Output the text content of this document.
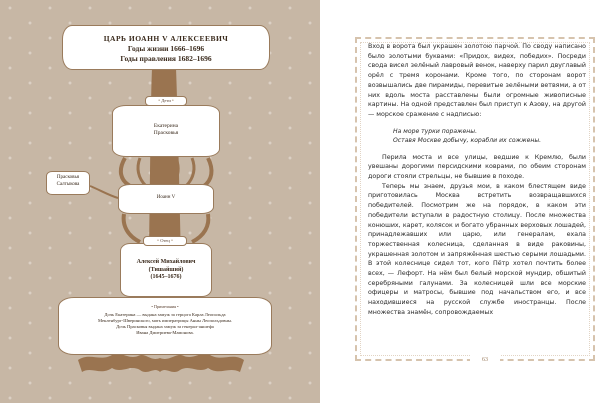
ЦАРЬ ИОАНН V АЛЕКСЕЕВИЧ
Годы жизни 1666–1696
Годы правления 1682–1696
Екатерина
Прасковья
• Дети •
Прасковья
Салтыкова
Иоанн V
Алексей Михайлович
(Тишайший)
(1645–1676)
• Отец •
• Примечания •
Дочь Екатерина — выдана замуж за герцога Карла Леопольда
Мекленбург-Шверинского, мать императрицы Анны Леопольдовны.
Дочь Прасковья выдана замуж за генерал-аншефа
Ивана Дмитриева-Мамонова.

Вход в ворота был украшен золотою парчой. По своду написано было золотыми буквами: «Придох, видех, победих». Посреди свода висел зелёный лавровый венок, наверху парил двуглавый орёл с тремя коронами. Кроме того, по сторонам ворот возвышались две пирамиды, перевитые зелёными ветвями, а от них вдоль моста расставлены были огромные живописные картины. На одной представлен был приступ к Азову, на другой — морское сражение с надписью:

На море турки поражены.
Оставя Москве добычу, корабли их сожжены.

Перила моста и все улицы, ведшие к Кремлю, были увешаны дорогими персидскими коврами, по обеим сторонам дороги стояли стрельцы, не бывшие в походе.

Теперь мы знаем, друзья мои, в каком блестящем виде приготовилась Москва встретить возвращавшихся победителей. Посмотрим же на порядок, в каком эти победители вступали в радостную столицу. После множества конюших, карет, колясок и богато убранных верховых лошадей, принадлежавших или царю, или генералам, ехала торжественная колесница, сделанная в виде раковины, украшенная золотом и запряжённая шестью серыми лошадьми. В этой колеснице сидел тот, кого Пётр хотел почтить более всех, — Лефорт. На нём был белый морской мундир, обшитый серебряными галунами. За колесницей шли все морские офицеры и матросы, бывшие под начальством его, и все находившиеся на русской службе иностранцы. После множества знамён, сопровождаемых

63
